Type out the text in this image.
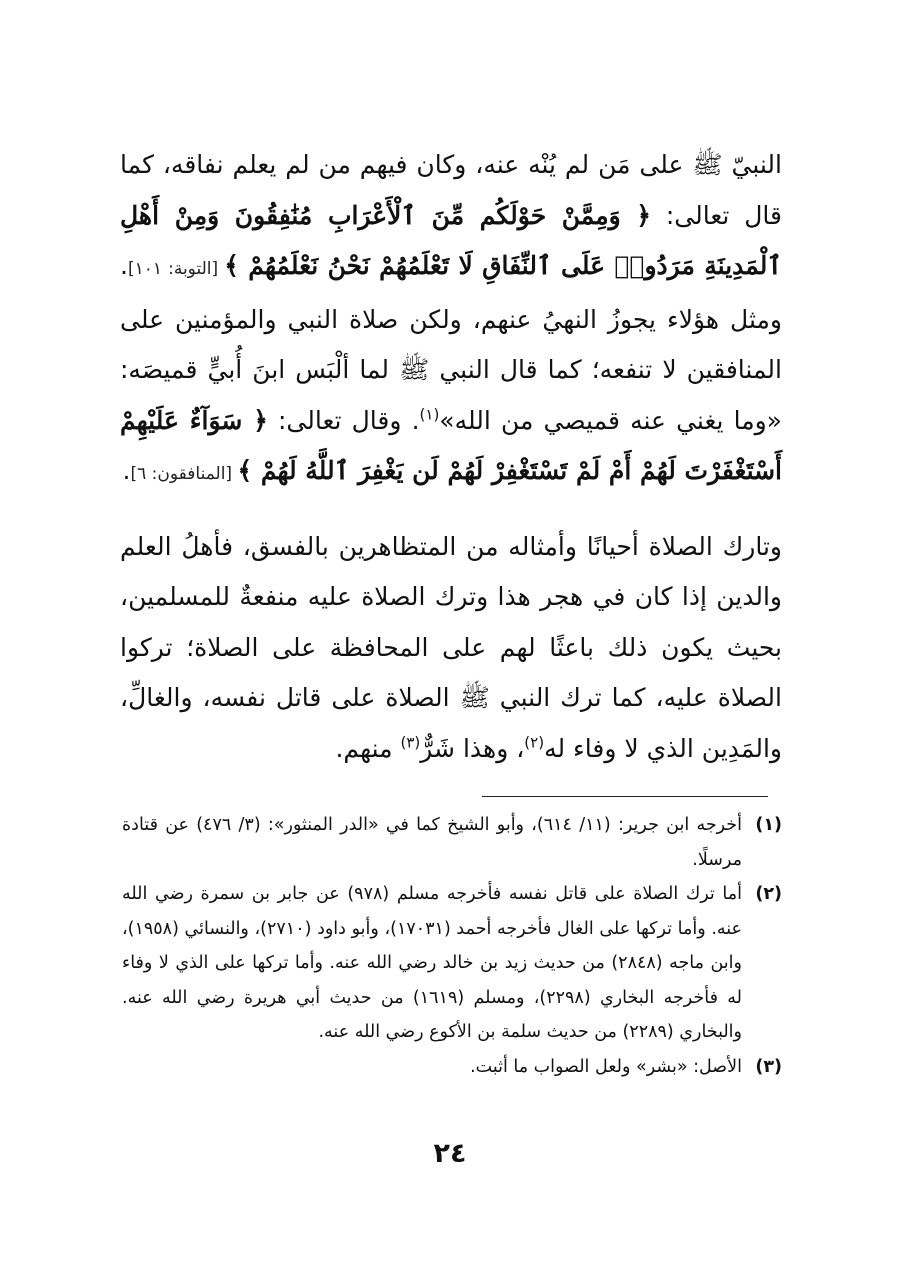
النبيّ ﷺ على مَن لم يُنْه عنه، وكان فيهم من لم يعلم نفاقه، كما قال تعالى: ﴿ وَمِمَّنْ حَوْلَكُم مِّنَ ٱلْأَعْرَابِ مُنَٰفِقُونَ وَمِنْ أَهْلِ ٱلْمَدِينَةِ مَرَدُوا۟ عَلَى ٱلنِّفَاقِ لَا تَعْلَمُهُمْ نَحْنُ نَعْلَمُهُمْ ﴾ [التوبة: ١٠١]. ومثل هؤلاء يجوزُ النهيُ عنهم، ولكن صلاة النبي والمؤمنين على المنافقين لا تنفعه؛ كما قال النبي ﷺ لما ألْبَس ابنَ أُبيٍّ قميصَه: «وما يغني عنه قميصي من الله»$^{(١)}$. وقال تعالى: ﴿ سَوَآءٌ عَلَيْهِمْ أَسْتَغْفَرْتَ لَهُمْ أَمْ لَمْ تَسْتَغْفِرْ لَهُمْ لَن يَغْفِرَ ٱللَّهُ لَهُمْ ﴾ [المنافقون: ٦].

وتارك الصلاة أحيانًا وأمثاله من المتظاهرين بالفسق، فأهلُ العلم والدين إذا كان في هجر هذا وترك الصلاة عليه منفعةٌ للمسلمين، بحيث يكون ذلك باعثًا لهم على المحافظة على الصلاة؛ تركوا الصلاة عليه، كما ترك النبي ﷺ الصلاة على قاتل نفسه، والغالِّ، والمَدِين الذي لا وفاء له$^{(٢)}$، وهذا شَرٌّ$^{(٣)}$ منهم.

(١)
أخرجه ابن جرير: (١١/ ٦١٤)، وأبو الشيخ كما في «الدر المنثور»: (٣/ ٤٧٦) عن قتادة مرسلًا.
(٢)
أما ترك الصلاة على قاتل نفسه فأخرجه مسلم (٩٧٨) عن جابر بن سمرة رضي الله عنه. وأما تركها على الغال فأخرجه أحمد (١٧٠٣١)، وأبو داود (٢٧١٠)، والنسائي (١٩٥٨)، وابن ماجه (٢٨٤٨) من حديث زيد بن خالد رضي الله عنه. وأما تركها على الذي لا وفاء له فأخرجه البخاري (٢٢٩٨)، ومسلم (١٦١٩) من حديث أبي هريرة رضي الله عنه. والبخاري (٢٢٨٩) من حديث سلمة بن الأكوع رضي الله عنه.
(٣)
الأصل: «بشر» ولعل الصواب ما أثبت.
٢٤
